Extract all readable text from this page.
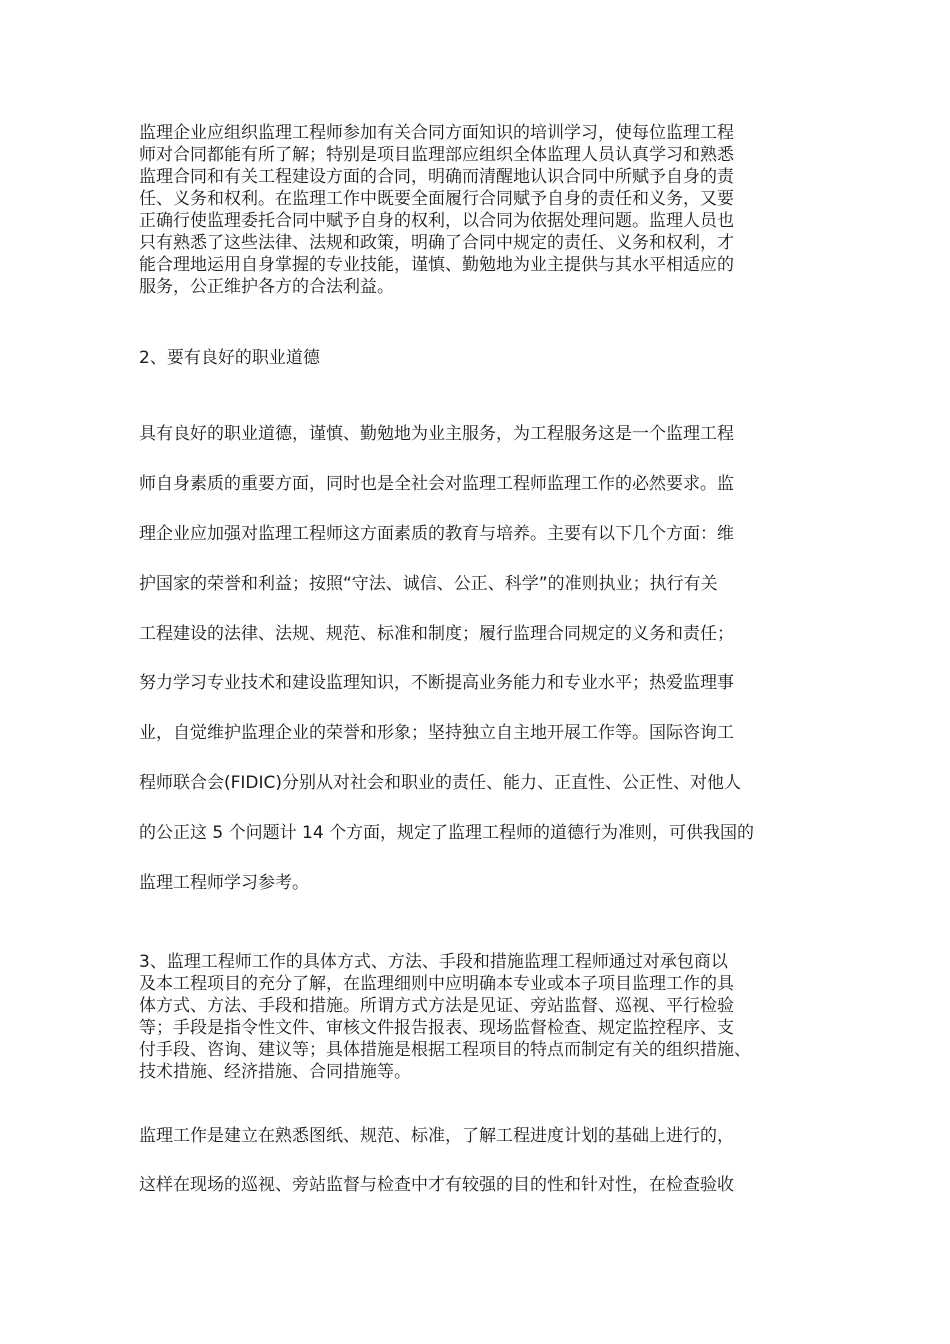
监理企业应组织监理工程师参加有关合同方面知识的培训学习，使每位监理工程
师对合同都能有所了解；特别是项目监理部应组织全体监理人员认真学习和熟悉
监理合同和有关工程建设方面的合同，明确而清醒地认识合同中所赋予自身的责
任、义务和权利。在监理工作中既要全面履行合同赋予自身的责任和义务，又要
正确行使监理委托合同中赋予自身的权利，以合同为依据处理问题。监理人员也
只有熟悉了这些法律、法规和政策，明确了合同中规定的责任、义务和权利，才
能合理地运用自身掌握的专业技能，谨慎、勤勉地为业主提供与其水平相适应的
服务，公正维护各方的合法利益。
2、要有良好的职业道德
具有良好的职业道德，谨慎、勤勉地为业主服务，为工程服务这是一个监理工程
师自身素质的重要方面，同时也是全社会对监理工程师监理工作的必然要求。监
理企业应加强对监理工程师这方面素质的教育与培养。主要有以下几个方面：维
护国家的荣誉和利益；按照“守法、诚信、公正、科学”的准则执业；执行有关
工程建设的法律、法规、规范、标准和制度；履行监理合同规定的义务和责任；
努力学习专业技术和建设监理知识，不断提高业务能力和专业水平；热爱监理事
业，自觉维护监理企业的荣誉和形象；坚持独立自主地开展工作等。国际咨询工
程师联合会(FIDIC)分别从对社会和职业的责任、能力、正直性、公正性、对他人
的公正这 5 个问题计 14 个方面，规定了监理工程师的道德行为准则，可供我国的
监理工程师学习参考。
3、监理工程师工作的具体方式、方法、手段和措施监理工程师通过对承包商以
及本工程项目的充分了解，在监理细则中应明确本专业或本子项目监理工作的具
体方式、方法、手段和措施。所谓方式方法是见证、旁站监督、巡视、平行检验
等；手段是指令性文件、审核文件报告报表、现场监督检查、规定监控程序、支
付手段、咨询、建议等；具体措施是根据工程项目的特点而制定有关的组织措施、
技术措施、经济措施、合同措施等。
监理工作是建立在熟悉图纸、规范、标准，了解工程进度计划的基础上进行的，
这样在现场的巡视、旁站监督与检查中才有较强的目的性和针对性，在检查验收
